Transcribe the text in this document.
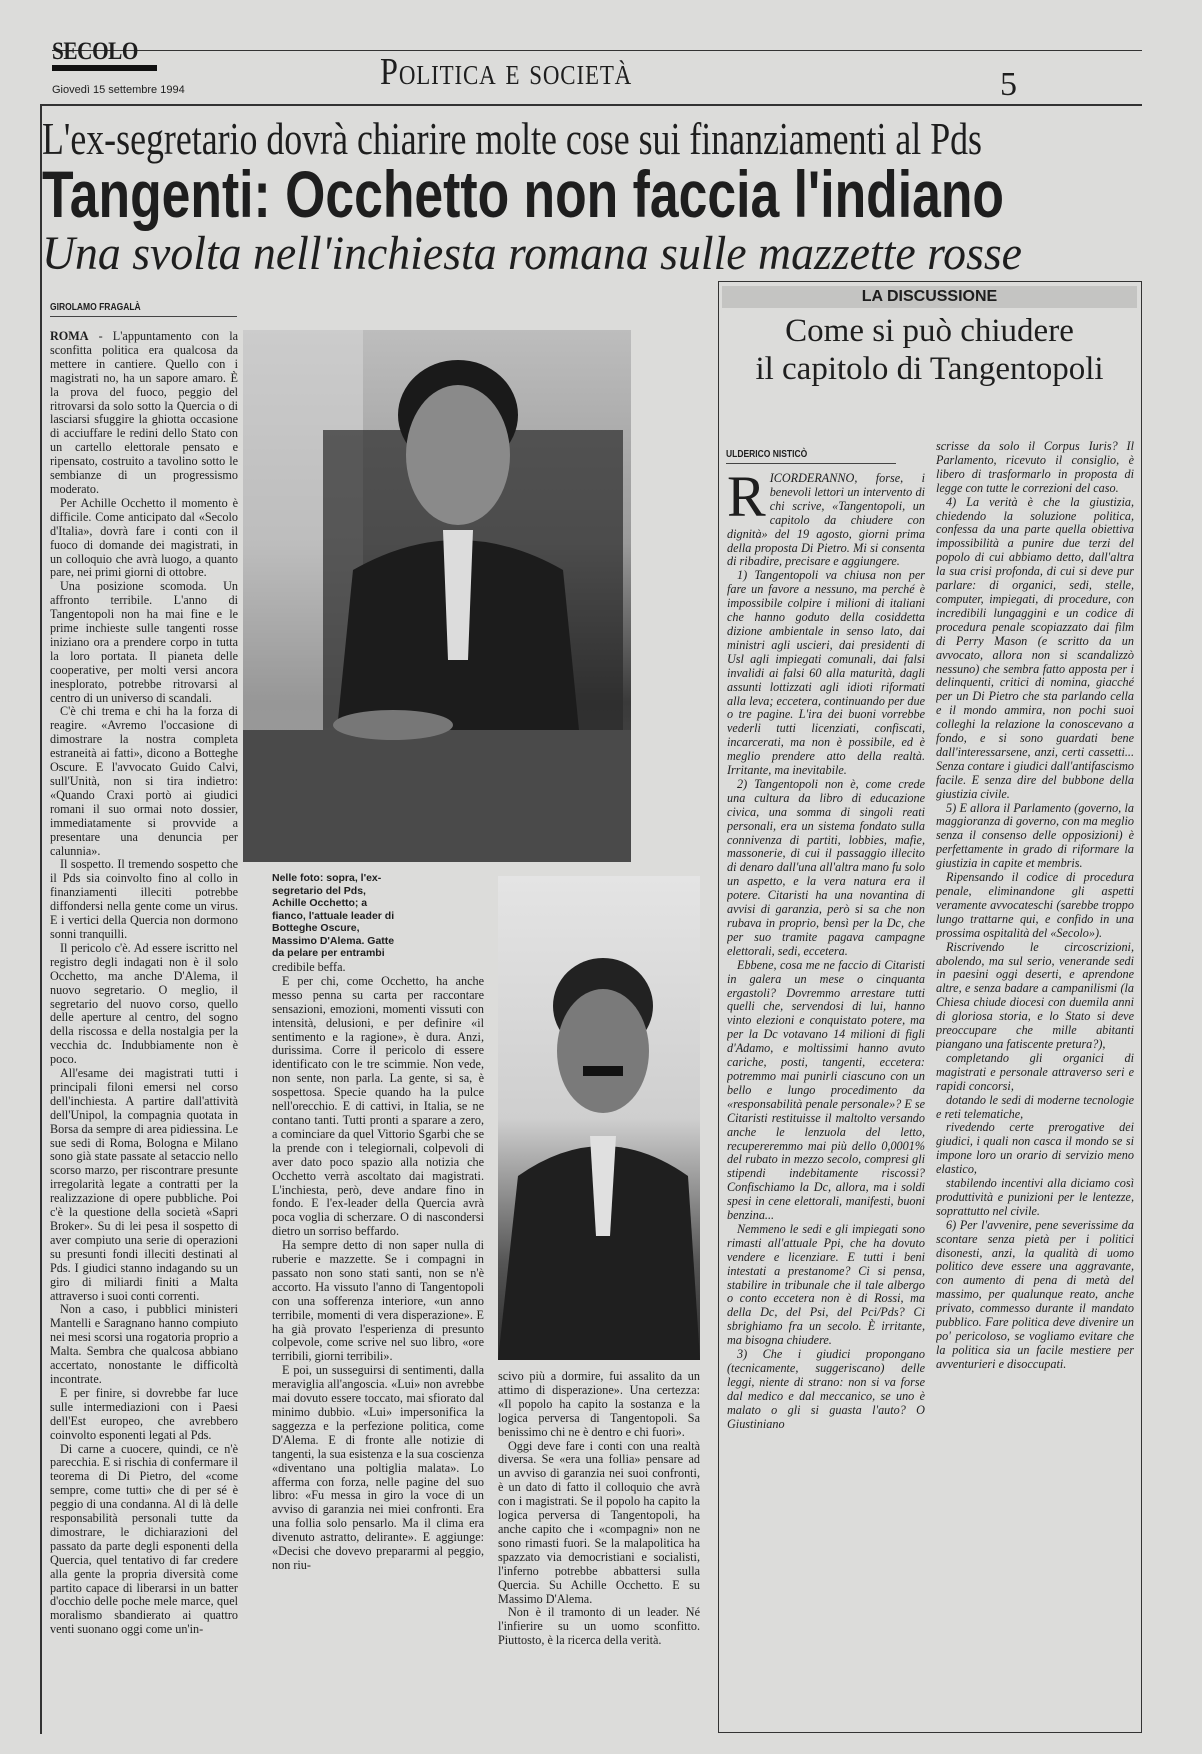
SECOLO
Giovedì 15 settembre 1994	Politica e società	5
L'ex-segretario dovrà chiarire molte cose sui finanziamenti al Pds
Tangenti: Occhetto non faccia l'indiano
Una svolta nell'inchiesta romana sulle mazzette rosse
GIROLAMO FRAGALÀ

ROMA - L'appuntamento con la sconfitta politica era qualcosa da mettere in cantiere. Quello con i magistrati no, ha un sapore amaro. È la prova del fuoco, peggio del ritrovarsi da solo sotto la Quercia o di lasciarsi sfuggire la ghiotta occasione di acciuffare le redini dello Stato con un cartello elettorale pensato e ripensato, costruito a tavolino sotto le sembianze di un progressismo moderato.

Per Achille Occhetto il momento è difficile. Come anticipato dal «Secolo d'Italia», dovrà fare i conti con il fuoco di domande dei magistrati, in un colloquio che avrà luogo, a quanto pare, nei primi giorni di ottobre.

Una posizione scomoda. Un affronto terribile. L'anno di Tangentopoli non ha mai fine e le prime inchieste sulle tangenti rosse iniziano ora a prendere corpo in tutta la loro portata. Il pianeta delle cooperative, per molti versi ancora inesplorato, potrebbe ritrovarsi al centro di un universo di scandali.

C'è chi trema e chi ha la forza di reagire. «Avremo l'occasione di dimostrare la nostra completa estraneità ai fatti», dicono a Botteghe Oscure. E l'avvocato Guido Calvi, sull'Unità, non si tira indietro: «Quando Craxi portò ai giudici romani il suo ormai noto dossier, immediatamente si provvide a presentare una denuncia per calunnia».

Il sospetto. Il tremendo sospetto che il Pds sia coinvolto fino al collo in finanziamenti illeciti potrebbe diffondersi nella gente come un virus. E i vertici della Quercia non dormono sonni tranquilli.

Il pericolo c'è. Ad essere iscritto nel registro degli indagati non è il solo Occhetto, ma anche D'Alema, il nuovo segretario. O meglio, il segretario del nuovo corso, quello delle aperture al centro, del sogno della riscossa e della nostalgia per la vecchia dc. Indubbiamente non è poco.

All'esame dei magistrati tutti i principali filoni emersi nel corso dell'inchiesta. A partire dall'attività dell'Unipol, la compagnia quotata in Borsa da sempre di area pidiessina. Le sue sedi di Roma, Bologna e Milano sono già state passate al setaccio nello scorso marzo, per riscontrare presunte irregolarità legate a contratti per la realizzazione di opere pubbliche. Poi c'è la questione della società «Sapri Broker». Su di lei pesa il sospetto di aver compiuto una serie di operazioni su presunti fondi illeciti destinati al Pds. I giudici stanno indagando su un giro di miliardi finiti a Malta attraverso i suoi conti correnti.

Non a caso, i pubblici ministeri Mantelli e Saragnano hanno compiuto nei mesi scorsi una rogatoria proprio a Malta. Sembra che qualcosa abbiano accertato, nonostante le difficoltà incontrate.

E per finire, si dovrebbe far luce sulle intermediazioni con i Paesi dell'Est europeo, che avrebbero coinvolto esponenti legati al Pds.

Di carne a cuocere, quindi, ce n'è parecchia. E si rischia di confermare il teorema di Di Pietro, del «come sempre, come tutti» che di per sé è peggio di una condanna. Al di là delle responsabilità personali tutte da dimostrare, le dichiarazioni del passato da parte degli esponenti della Quercia, quel tentativo di far credere alla gente la propria diversità come partito capace di liberarsi in un batter d'occhio delle poche mele marce, quel moralismo sbandierato ai quattro venti suonano oggi come un'in-

Nelle foto: sopra, l'ex-segretario del Pds, Achille Occhetto; a fianco, l'attuale leader di Botteghe Oscure, Massimo D'Alema. Gatte da pelare per entrambi

credibile beffa.

E per chi, come Occhetto, ha anche messo penna su carta per raccontare sensazioni, emozioni, momenti vissuti con intensità, delusioni, e per definire «il sentimento e la ragione», è dura. Anzi, durissima. Corre il pericolo di essere identificato con le tre scimmie. Non vede, non sente, non parla. La gente, si sa, è sospettosa. Specie quando ha la pulce nell'orecchio. E di cattivi, in Italia, se ne contano tanti. Tutti pronti a sparare a zero, a cominciare da quel Vittorio Sgarbi che se la prende con i telegiornali, colpevoli di aver dato poco spazio alla notizia che Occhetto verrà ascoltato dai magistrati. L'inchiesta, però, deve andare fino in fondo. E l'ex-leader della Quercia avrà poca voglia di scherzare. O di nascondersi dietro un sorriso beffardo.

Ha sempre detto di non saper nulla di ruberie e mazzette. Se i compagni in passato non sono stati santi, non se n'è accorto. Ha vissuto l'anno di Tangentopoli con una sofferenza interiore, «un anno terribile, momenti di vera disperazione». E ha già provato l'esperienza di presunto colpevole, come scrive nel suo libro, «ore terribili, giorni terribili».

E poi, un susseguirsi di sentimenti, dalla meraviglia all'angoscia. «Lui» non avrebbe mai dovuto essere toccato, mai sfiorato dal minimo dubbio. «Lui» impersonifica la saggezza e la perfezione politica, come D'Alema. E di fronte alle notizie di tangenti, la sua esistenza e la sua coscienza «diventano una poltiglia malata». Lo afferma con forza, nelle pagine del suo libro: «Fu messa in giro la voce di un avviso di garanzia nei miei confronti. Era una follia solo pensarlo. Ma il clima era divenuto astratto, delirante». E aggiunge: «Decisi che dovevo prepararmi al peggio, non riu-

scivo più a dormire, fui assalito da un attimo di disperazione». Una certezza: «Il popolo ha capito la sostanza e la logica perversa di Tangentopoli. Sa benissimo chi ne è dentro e chi fuori».

Oggi deve fare i conti con una realtà diversa. Se «era una follia» pensare ad un avviso di garanzia nei suoi confronti, è un dato di fatto il colloquio che avrà con i magistrati. Se il popolo ha capito la logica perversa di Tangentopoli, ha anche capito che i «compagni» non ne sono rimasti fuori. Se la malapolitica ha spazzato via democristiani e socialisti, l'inferno potrebbe abbattersi sulla Quercia. Su Achille Occhetto. E su Massimo D'Alema.

Non è il tramonto di un leader. Né l'infierire su un uomo sconfitto. Piuttosto, è la ricerca della verità.

LA DISCUSSIONE
Come si può chiudere
il capitolo di Tangentopoli
ULDERICO NISTICÒ

RICORDERANNO, forse, i benevoli lettori un intervento di chi scrive, «Tangentopoli, un capitolo da chiudere con dignità» del 19 agosto, giorni prima della proposta Di Pietro. Mi si consenta di ribadire, precisare e aggiungere.

1) Tangentopoli va chiusa non per fare un favore a nessuno, ma perché è impossibile colpire i milioni di italiani che hanno goduto della cosiddetta dizione ambientale in senso lato, dai ministri agli uscieri, dai presidenti di Usl agli impiegati comunali, dai falsi invalidi ai falsi 60 alla maturità, dagli assunti lottizzati agli idioti riformati alla leva; eccetera, continuando per due o tre pagine. L'ira dei buoni vorrebbe vederli tutti licenziati, confiscati, incarcerati, ma non è possibile, ed è meglio prendere atto della realtà. Irritante, ma inevitabile.

2) Tangentopoli non è, come crede una cultura da libro di educazione civica, una somma di singoli reati personali, era un sistema fondato sulla connivenza di partiti, lobbies, mafie, massonerie, di cui il passaggio illecito di denaro dall'una all'altra mano fu solo un aspetto, e la vera natura era il potere. Citaristi ha una novantina di avvisi di garanzia, però si sa che non rubava in proprio, bensì per la Dc, che per suo tramite pagava campagne elettorali, sedi, eccetera.

Ebbene, cosa me ne faccio di Citaristi in galera un mese o cinquanta ergastoli? Dovremmo arrestare tutti quelli che, servendosi di lui, hanno vinto elezioni e conquistato potere, ma per la Dc votavano 14 milioni di figli d'Adamo, e moltissimi hanno avuto cariche, posti, tangenti, eccetera: potremmo mai punirli ciascuno con un bello e lungo procedimento da «responsabilità penale personale»? E se Citaristi restituisse il maltolto versando anche le lenzuola del letto, recupereremmo mai più dello 0,0001% del rubato in mezzo secolo, compresi gli stipendi indebitamente riscossi? Confischiamo la Dc, allora, ma i soldi spesi in cene elettorali, manifesti, buoni benzina...

Nemmeno le sedi e gli impiegati sono rimasti all'attuale Ppi, che ha dovuto vendere e licenziare. E tutti i beni intestati a prestanome? Ci si pensa, stabilire in tribunale che il tale albergo o conto eccetera non è di Rossi, ma della Dc, del Psi, del Pci/Pds? Ci sbrighiamo fra un secolo. È irritante, ma bisogna chiudere.

3) Che i giudici propongano (tecnicamente, suggeriscano) delle leggi, niente di strano: non si va forse dal medico e dal meccanico, se uno è malato o gli si guasta l'auto? O Giustiniano

scrisse da solo il Corpus Iuris? Il Parlamento, ricevuto il consiglio, è libero di trasformarlo in proposta di legge con tutte le correzioni del caso.

4) La verità è che la giustizia, chiedendo la soluzione politica, confessa da una parte quella obiettiva impossibilità a punire due terzi del popolo di cui abbiamo detto, dall'altra la sua crisi profonda, di cui si deve pur parlare: di organici, sedi, stelle, computer, impiegati, di procedure, con incredibili lungaggini e un codice di procedura penale scopiazzato dai film di Perry Mason (e scritto da un avvocato, allora non si scandalizzò nessuno) che sembra fatto apposta per i delinquenti, critici di nomina, giacché per un Di Pietro che sta parlando cella e il mondo ammira, non pochi suoi colleghi la relazione la conoscevano a fondo, e si sono guardati bene dall'interessarsene, anzi, certi cassetti... Senza contare i giudici dall'antifascismo facile. E senza dire del bubbone della giustizia civile.

5) E allora il Parlamento (governo, la maggioranza di governo, con ma meglio senza il consenso delle opposizioni) è perfettamente in grado di riformare la giustizia in capite et membris.

Ripensando il codice di procedura penale, eliminandone gli aspetti veramente avvocateschi (sarebbe troppo lungo trattarne qui, e confido in una prossima ospitalità del «Secolo»).

Riscrivendo le circoscrizioni, abolendo, ma sul serio, venerande sedi in paesini oggi deserti, e aprendone altre, e senza badare a campanilismi (la Chiesa chiude diocesi con duemila anni di gloriosa storia, e lo Stato si deve preoccupare che mille abitanti piangano una fatiscente pretura?),

completando gli organici di magistrati e personale attraverso seri e rapidi concorsi,

dotando le sedi di moderne tecnologie e reti telematiche,

rivedendo certe prerogative dei giudici, i quali non casca il mondo se si impone loro un orario di servizio meno elastico,

stabilendo incentivi alla diciamo così produttività e punizioni per le lentezze, soprattutto nel civile.

6) Per l'avvenire, pene severissime da scontare senza pietà per i politici disonesti, anzi, la qualità di uomo politico deve essere una aggravante, con aumento di pena di metà del massimo, per qualunque reato, anche privato, commesso durante il mandato pubblico. Fare politica deve divenire un po' pericoloso, se vogliamo evitare che la politica sia un facile mestiere per avventurieri e disoccupati.
